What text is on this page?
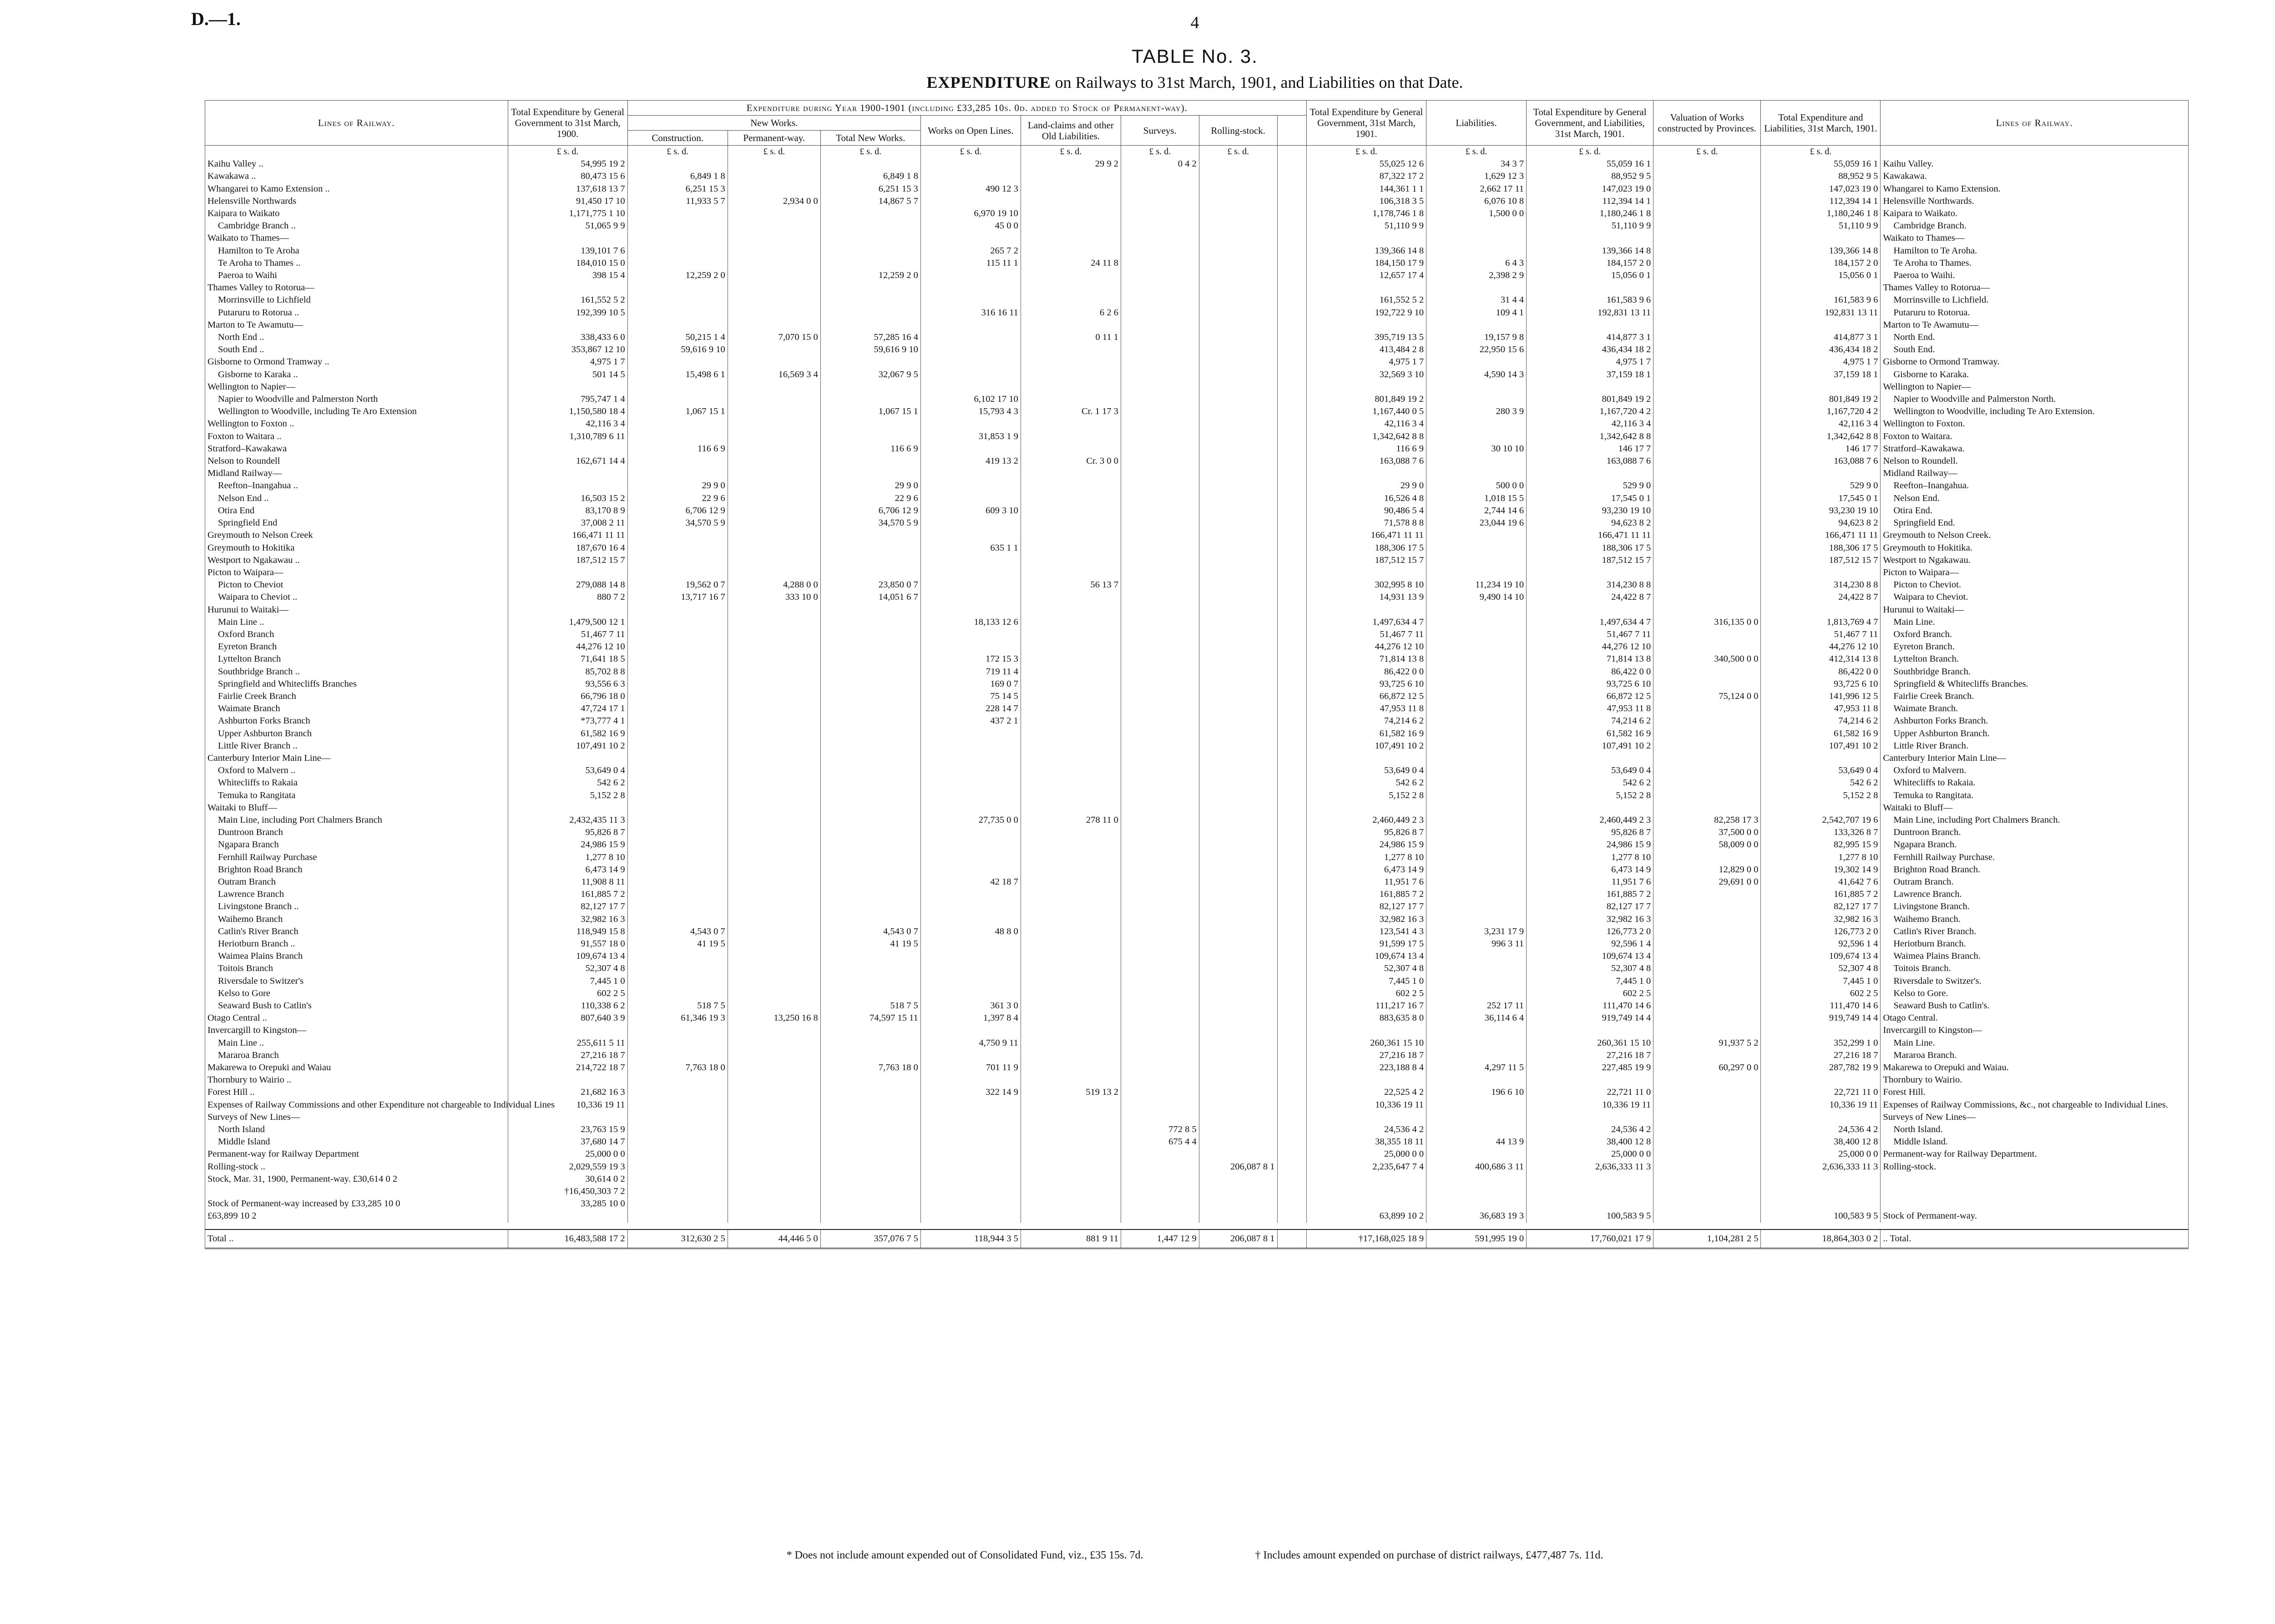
D.—1.	4
TABLE No. 3.
EXPENDITURE on Railways to 31st March, 1901, and Liabilities on that Date.
Lines of Railway.	Total Expenditure by General Government to 31st March, 1900.	Expenditure during Year 1900-1901 (including £33,285 10s. 0d. added to Stock of Permanent-way).								Total Expenditure by General Government, 31st March, 1901.	Liabilities.	Total Expenditure by General Government, and Liabilities, 31st March, 1901.	Valuation of Works constructed by Provinces.	Total Expenditure and Liabilities, 31st March, 1901.	Lines of Railway.
		New Works.			Works on Open Lines.	Land-claims and other Old Liabilities.	Surveys.	Rolling-stock.							
		Construction.	Permanent-way.	Total New Works.											
	£ s. d.	£ s. d.	£ s. d.	£ s. d.	£ s. d.	£ s. d.	£ s. d.	£ s. d.		£ s. d.	£ s. d.	£ s. d.	£ s. d.	£ s. d.	
Kaihu Valley ..	54,995 19 2					29 9 2	0 4 2			55,025 12 6	34 3 7	55,059 16 1		55,059 16 1	Kaihu Valley.
Kawakawa ..	80,473 15 6	6,849 1 8		6,849 1 8						87,322 17 2	1,629 12 3	88,952 9 5		88,952 9 5	Kawakawa.
Whangarei to Kamo Extension ..	137,618 13 7	6,251 15 3		6,251 15 3	490 12 3					144,361 1 1	2,662 17 11	147,023 19 0		147,023 19 0	Whangarei to Kamo Extension.
Helensville Northwards	91,450 17 10	11,933 5 7	2,934 0 0	14,867 5 7						106,318 3 5	6,076 10 8	112,394 14 1		112,394 14 1	Helensville Northwards.
Kaipara to Waikato	1,171,775 1 10				6,970 19 10					1,178,746 1 8	1,500 0 0	1,180,246 1 8		1,180,246 1 8	Kaipara to Waikato.
Cambridge Branch ..	51,065 9 9				45 0 0					51,110 9 9		51,110 9 9		51,110 9 9	Cambridge Branch.
Waikato to Thames—															Waikato to Thames—
Hamilton to Te Aroha	139,101 7 6				265 7 2					139,366 14 8		139,366 14 8		139,366 14 8	Hamilton to Te Aroha.
Te Aroha to Thames ..	184,010 15 0				115 11 1	24 11 8				184,150 17 9	6 4 3	184,157 2 0		184,157 2 0	Te Aroha to Thames.
Paeroa to Waihi	398 15 4	12,259 2 0		12,259 2 0						12,657 17 4	2,398 2 9	15,056 0 1		15,056 0 1	Paeroa to Waihi.
Thames Valley to Rotorua—															Thames Valley to Rotorua—
Morrinsville to Lichfield	161,552 5 2									161,552 5 2	31 4 4	161,583 9 6		161,583 9 6	Morrinsville to Lichfield.
Putaruru to Rotorua ..	192,399 10 5				316 16 11	6 2 6				192,722 9 10	109 4 1	192,831 13 11		192,831 13 11	Putaruru to Rotorua.
Marton to Te Awamutu—															Marton to Te Awamutu—
North End ..	338,433 6 0	50,215 1 4	7,070 15 0	57,285 16 4		0 11 1				395,719 13 5	19,157 9 8	414,877 3 1		414,877 3 1	North End.
South End ..	353,867 12 10	59,616 9 10		59,616 9 10						413,484 2 8	22,950 15 6	436,434 18 2		436,434 18 2	South End.
Gisborne to Ormond Tramway ..	4,975 1 7									4,975 1 7		4,975 1 7		4,975 1 7	Gisborne to Ormond Tramway.
Gisborne to Karaka ..	501 14 5	15,498 6 1	16,569 3 4	32,067 9 5						32,569 3 10	4,590 14 3	37,159 18 1		37,159 18 1	Gisborne to Karaka.
Wellington to Napier—															Wellington to Napier—
Napier to Woodville and Palmerston North	795,747 1 4				6,102 17 10					801,849 19 2		801,849 19 2		801,849 19 2	Napier to Woodville and Palmerston North.
Wellington to Woodville, including Te Aro Extension	1,150,580 18 4	1,067 15 1		1,067 15 1	15,793 4 3	Cr. 1 17 3				1,167,440 0 5	280 3 9	1,167,720 4 2		1,167,720 4 2	Wellington to Woodville, including Te Aro Extension.
Wellington to Foxton ..	42,116 3 4									42,116 3 4		42,116 3 4		42,116 3 4	Wellington to Foxton.
Foxton to Waitara ..	1,310,789 6 11				31,853 1 9					1,342,642 8 8		1,342,642 8 8		1,342,642 8 8	Foxton to Waitara.
Stratford–Kawakawa		116 6 9		116 6 9						116 6 9	30 10 10	146 17 7		146 17 7	Stratford–Kawakawa.
Nelson to Roundell	162,671 14 4				419 13 2	Cr. 3 0 0				163,088 7 6		163,088 7 6		163,088 7 6	Nelson to Roundell.
Midland Railway—															Midland Railway—
Reefton–Inangahua ..		29 9 0		29 9 0						29 9 0	500 0 0	529 9 0		529 9 0	Reefton–Inangahua.
Nelson End ..	16,503 15 2	22 9 6		22 9 6						16,526 4 8	1,018 15 5	17,545 0 1		17,545 0 1	Nelson End.
Otira End	83,170 8 9	6,706 12 9		6,706 12 9	609 3 10					90,486 5 4	2,744 14 6	93,230 19 10		93,230 19 10	Otira End.
Springfield End	37,008 2 11	34,570 5 9		34,570 5 9						71,578 8 8	23,044 19 6	94,623 8 2		94,623 8 2	Springfield End.
Greymouth to Nelson Creek	166,471 11 11									166,471 11 11		166,471 11 11		166,471 11 11	Greymouth to Nelson Creek.
Greymouth to Hokitika	187,670 16 4				635 1 1					188,306 17 5		188,306 17 5		188,306 17 5	Greymouth to Hokitika.
Westport to Ngakawau ..	187,512 15 7									187,512 15 7		187,512 15 7		187,512 15 7	Westport to Ngakawau.
Picton to Waipara—															Picton to Waipara—
Picton to Cheviot	279,088 14 8	19,562 0 7	4,288 0 0	23,850 0 7		56 13 7				302,995 8 10	11,234 19 10	314,230 8 8		314,230 8 8	Picton to Cheviot.
Waipara to Cheviot ..	880 7 2	13,717 16 7	333 10 0	14,051 6 7						14,931 13 9	9,490 14 10	24,422 8 7		24,422 8 7	Waipara to Cheviot.
Hurunui to Waitaki—															Hurunui to Waitaki—
Main Line ..	1,479,500 12 1				18,133 12 6					1,497,634 4 7		1,497,634 4 7	316,135 0 0	1,813,769 4 7	Main Line.
Oxford Branch	51,467 7 11									51,467 7 11		51,467 7 11		51,467 7 11	Oxford Branch.
Eyreton Branch	44,276 12 10									44,276 12 10		44,276 12 10		44,276 12 10	Eyreton Branch.
Lyttelton Branch	71,641 18 5				172 15 3					71,814 13 8		71,814 13 8	340,500 0 0	412,314 13 8	Lyttelton Branch.
Southbridge Branch ..	85,702 8 8				719 11 4					86,422 0 0		86,422 0 0		86,422 0 0	Southbridge Branch.
Springfield and Whitecliffs Branches	93,556 6 3				169 0 7					93,725 6 10		93,725 6 10		93,725 6 10	Springfield & Whitecliffs Branches.
Fairlie Creek Branch	66,796 18 0				75 14 5					66,872 12 5		66,872 12 5	75,124 0 0	141,996 12 5	Fairlie Creek Branch.
Waimate Branch	47,724 17 1				228 14 7					47,953 11 8		47,953 11 8		47,953 11 8	Waimate Branch.
Ashburton Forks Branch	*73,777 4 1				437 2 1					74,214 6 2		74,214 6 2		74,214 6 2	Ashburton Forks Branch.
Upper Ashburton Branch	61,582 16 9									61,582 16 9		61,582 16 9		61,582 16 9	Upper Ashburton Branch.
Little River Branch ..	107,491 10 2									107,491 10 2		107,491 10 2		107,491 10 2	Little River Branch.
Canterbury Interior Main Line—															Canterbury Interior Main Line—
Oxford to Malvern ..	53,649 0 4									53,649 0 4		53,649 0 4		53,649 0 4	Oxford to Malvern.
Whitecliffs to Rakaia	542 6 2									542 6 2		542 6 2		542 6 2	Whitecliffs to Rakaia.
Temuka to Rangitata	5,152 2 8									5,152 2 8		5,152 2 8		5,152 2 8	Temuka to Rangitata.
Waitaki to Bluff—															Waitaki to Bluff—
Main Line, including Port Chalmers Branch	2,432,435 11 3				27,735 0 0	278 11 0				2,460,449 2 3		2,460,449 2 3	82,258 17 3	2,542,707 19 6	Main Line, including Port Chalmers Branch.
Duntroon Branch	95,826 8 7									95,826 8 7		95,826 8 7	37,500 0 0	133,326 8 7	Duntroon Branch.
Ngapara Branch	24,986 15 9									24,986 15 9		24,986 15 9	58,009 0 0	82,995 15 9	Ngapara Branch.
Fernhill Railway Purchase	1,277 8 10									1,277 8 10		1,277 8 10		1,277 8 10	Fernhill Railway Purchase.
Brighton Road Branch	6,473 14 9									6,473 14 9		6,473 14 9	12,829 0 0	19,302 14 9	Brighton Road Branch.
Outram Branch	11,908 8 11				42 18 7					11,951 7 6		11,951 7 6	29,691 0 0	41,642 7 6	Outram Branch.
Lawrence Branch	161,885 7 2									161,885 7 2		161,885 7 2		161,885 7 2	Lawrence Branch.
Livingstone Branch ..	82,127 17 7									82,127 17 7		82,127 17 7		82,127 17 7	Livingstone Branch.
Waihemo Branch	32,982 16 3									32,982 16 3		32,982 16 3		32,982 16 3	Waihemo Branch.
Catlin's River Branch	118,949 15 8	4,543 0 7		4,543 0 7	48 8 0					123,541 4 3	3,231 17 9	126,773 2 0		126,773 2 0	Catlin's River Branch.
Heriotburn Branch ..	91,557 18 0	41 19 5		41 19 5						91,599 17 5	996 3 11	92,596 1 4		92,596 1 4	Heriotburn Branch.
Waimea Plains Branch	109,674 13 4									109,674 13 4		109,674 13 4		109,674 13 4	Waimea Plains Branch.
Toitois Branch	52,307 4 8									52,307 4 8		52,307 4 8		52,307 4 8	Toitois Branch.
Riversdale to Switzer's	7,445 1 0									7,445 1 0		7,445 1 0		7,445 1 0	Riversdale to Switzer's.
Kelso to Gore	602 2 5									602 2 5		602 2 5		602 2 5	Kelso to Gore.
Seaward Bush to Catlin's	110,338 6 2	518 7 5		518 7 5	361 3 0					111,217 16 7	252 17 11	111,470 14 6		111,470 14 6	Seaward Bush to Catlin's.
Otago Central ..	807,640 3 9	61,346 19 3	13,250 16 8	74,597 15 11	1,397 8 4					883,635 8 0	36,114 6 4	919,749 14 4		919,749 14 4	Otago Central.
Invercargill to Kingston—															Invercargill to Kingston—
Main Line ..	255,611 5 11				4,750 9 11					260,361 15 10		260,361 15 10	91,937 5 2	352,299 1 0	Main Line.
Mararoa Branch	27,216 18 7									27,216 18 7		27,216 18 7		27,216 18 7	Mararoa Branch.
Makarewa to Orepuki and Waiau	214,722 18 7	7,763 18 0		7,763 18 0	701 11 9					223,188 8 4	4,297 11 5	227,485 19 9	60,297 0 0	287,782 19 9	Makarewa to Orepuki and Waiau.
Thornbury to Wairio ..															Thornbury to Wairio.
Forest Hill ..	21,682 16 3				322 14 9	519 13 2				22,525 4 2	196 6 10	22,721 11 0		22,721 11 0	Forest Hill.
Expenses of Railway Commissions and other Expenditure not chargeable to Individual Lines	10,336 19 11									10,336 19 11		10,336 19 11		10,336 19 11	Expenses of Railway Commissions, &c., not chargeable to Individual Lines.
Surveys of New Lines—															Surveys of New Lines—
North Island	23,763 15 9						772 8 5			24,536 4 2		24,536 4 2		24,536 4 2	North Island.
Middle Island	37,680 14 7						675 4 4			38,355 18 11	44 13 9	38,400 12 8		38,400 12 8	Middle Island.
Permanent-way for Railway Department	25,000 0 0									25,000 0 0		25,000 0 0		25,000 0 0	Permanent-way for Railway Department.
Rolling-stock ..	2,029,559 19 3							206,087 8 1		2,235,647 7 4	400,686 3 11	2,636,333 11 3		2,636,333 11 3	Rolling-stock.
Stock, Mar. 31, 1900, Permanent-way. £30,614 0 2	30,614 0 2														
	†16,450,303 7 2														
Stock of Permanent-way increased by £33,285 10 0	33,285 10 0														
£63,899 10 2										63,899 10 2	36,683 19 3	100,583 9 5		100,583 9 5	Stock of Permanent-way.

Total ..	16,483,588 17 2	312,630 2 5	44,446 5 0	357,076 7 5	118,944 3 5	881 9 11	1,447 12 9	206,087 8 1		†17,168,025 18 9	591,995 19 0	17,760,021 17 9	1,104,281 2 5	18,864,303 0 2	.. Total.
* Does not include amount expended out of Consolidated Fund, viz., £35 15s. 7d.	† Includes amount expended on purchase of district railways, £477,487 7s. 11d.
